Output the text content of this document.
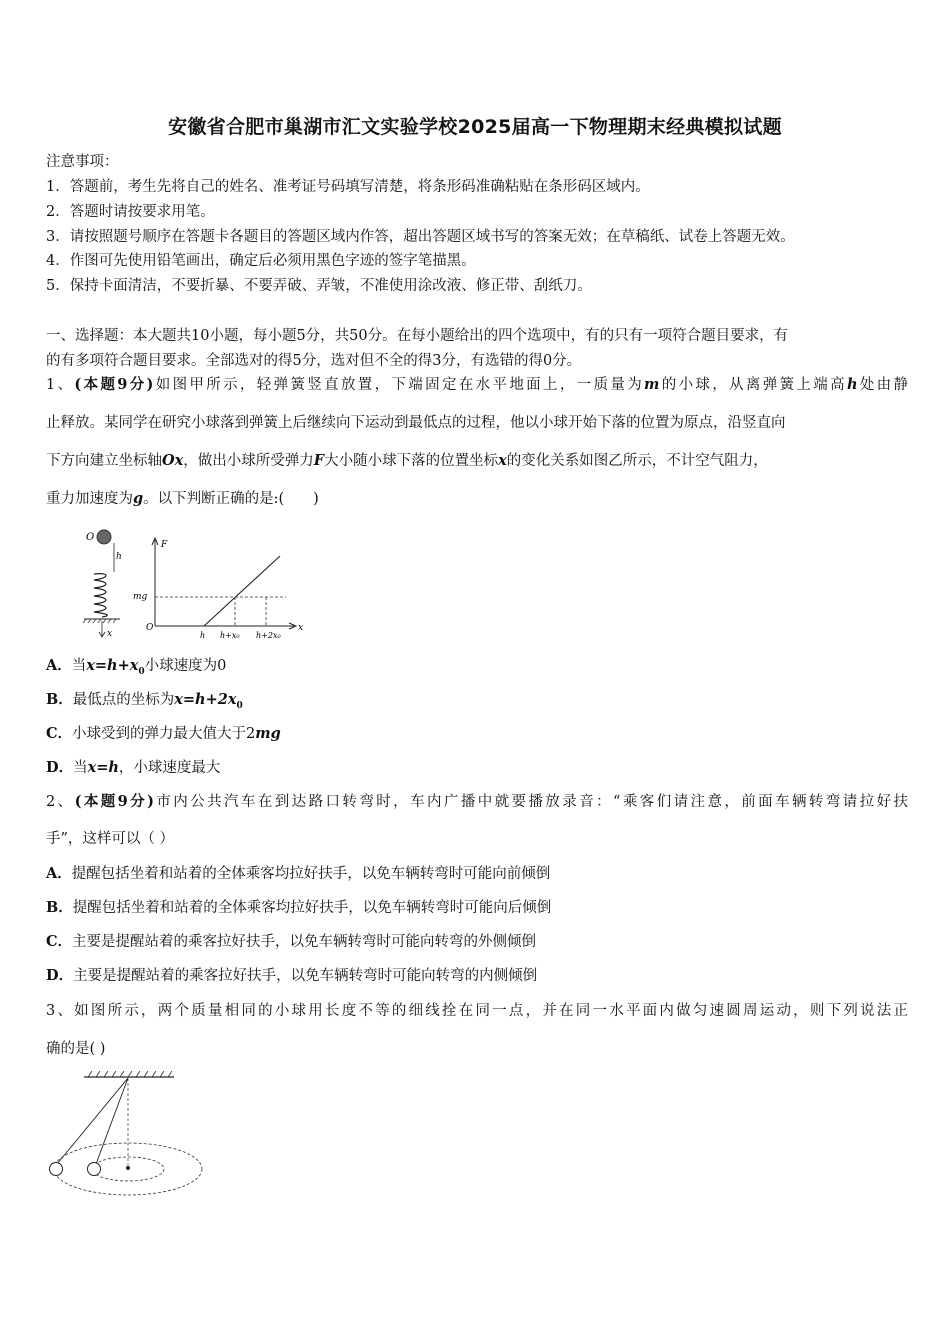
安徽省合肥市巢湖市汇文实验学校2025届高一下物理期末经典模拟试题
注意事项：
1．答题前，考生先将自己的姓名、准考证号码填写清楚，将条形码准确粘贴在条形码区域内。
2．答题时请按要求用笔。
3．请按照题号顺序在答题卡各题目的答题区域内作答，超出答题区域书写的答案无效；在草稿纸、试卷上答题无效。
4．作图可先使用铅笔画出，确定后必须用黑色字迹的签字笔描黑。
5．保持卡面清洁，不要折暴、不要弄破、弄皱，不准使用涂改液、修正带、刮纸刀。
一、选择题：本大题共10小题，每小题5分，共50分。在每小题给出的四个选项中，有的只有一项符合题目要求，有
的有多项符合题目要求。全部选对的得5分，选对但不全的得3分，有选错的得0分。
1、(本题9分)如图甲所示，轻弹簧竖直放置，下端固定在水平地面上，一质量为m的小球，从离弹簧上端高h处由静
止释放。某同学在研究小球落到弹簧上后继续向下运动到最低点的过程，他以小球开始下落的位置为原点，沿竖直向
下方向建立坐标轴Ox，做出小球所受弹力F大小随小球下落的位置坐标x的变化关系如图乙所示，不计空气阻力，
重力加速度为g。以下判断正确的是:(　　)
O
h
x
F
x
O
mg
h h+x₀ h+2x₀
A．当$x=h+x_0$小球速度为0
B．最低点的坐标为$x=h+2x_0$
C．小球受到的弹力最大值大于2mg
D．当x=h，小球速度最大
2、(本题9分)市内公共汽车在到达路口转弯时，车内广播中就要播放录音：“乘客们请注意，前面车辆转弯请拉好扶
手”，这样可以（ ）
A．提醒包括坐着和站着的全体乘客均拉好扶手，以免车辆转弯时可能向前倾倒
B．提醒包括坐着和站着的全体乘客均拉好扶手，以免车辆转弯时可能向后倾倒
C．主要是提醒站着的乘客拉好扶手，以免车辆转弯时可能向转弯的外侧倾倒
D．主要是提醒站着的乘客拉好扶手，以免车辆转弯时可能向转弯的内侧倾倒
3、如图所示，两个质量相同的小球用长度不等的细线拴在同一点，并在同一水平面内做匀速圆周运动，则下列说法正
确的是( )
